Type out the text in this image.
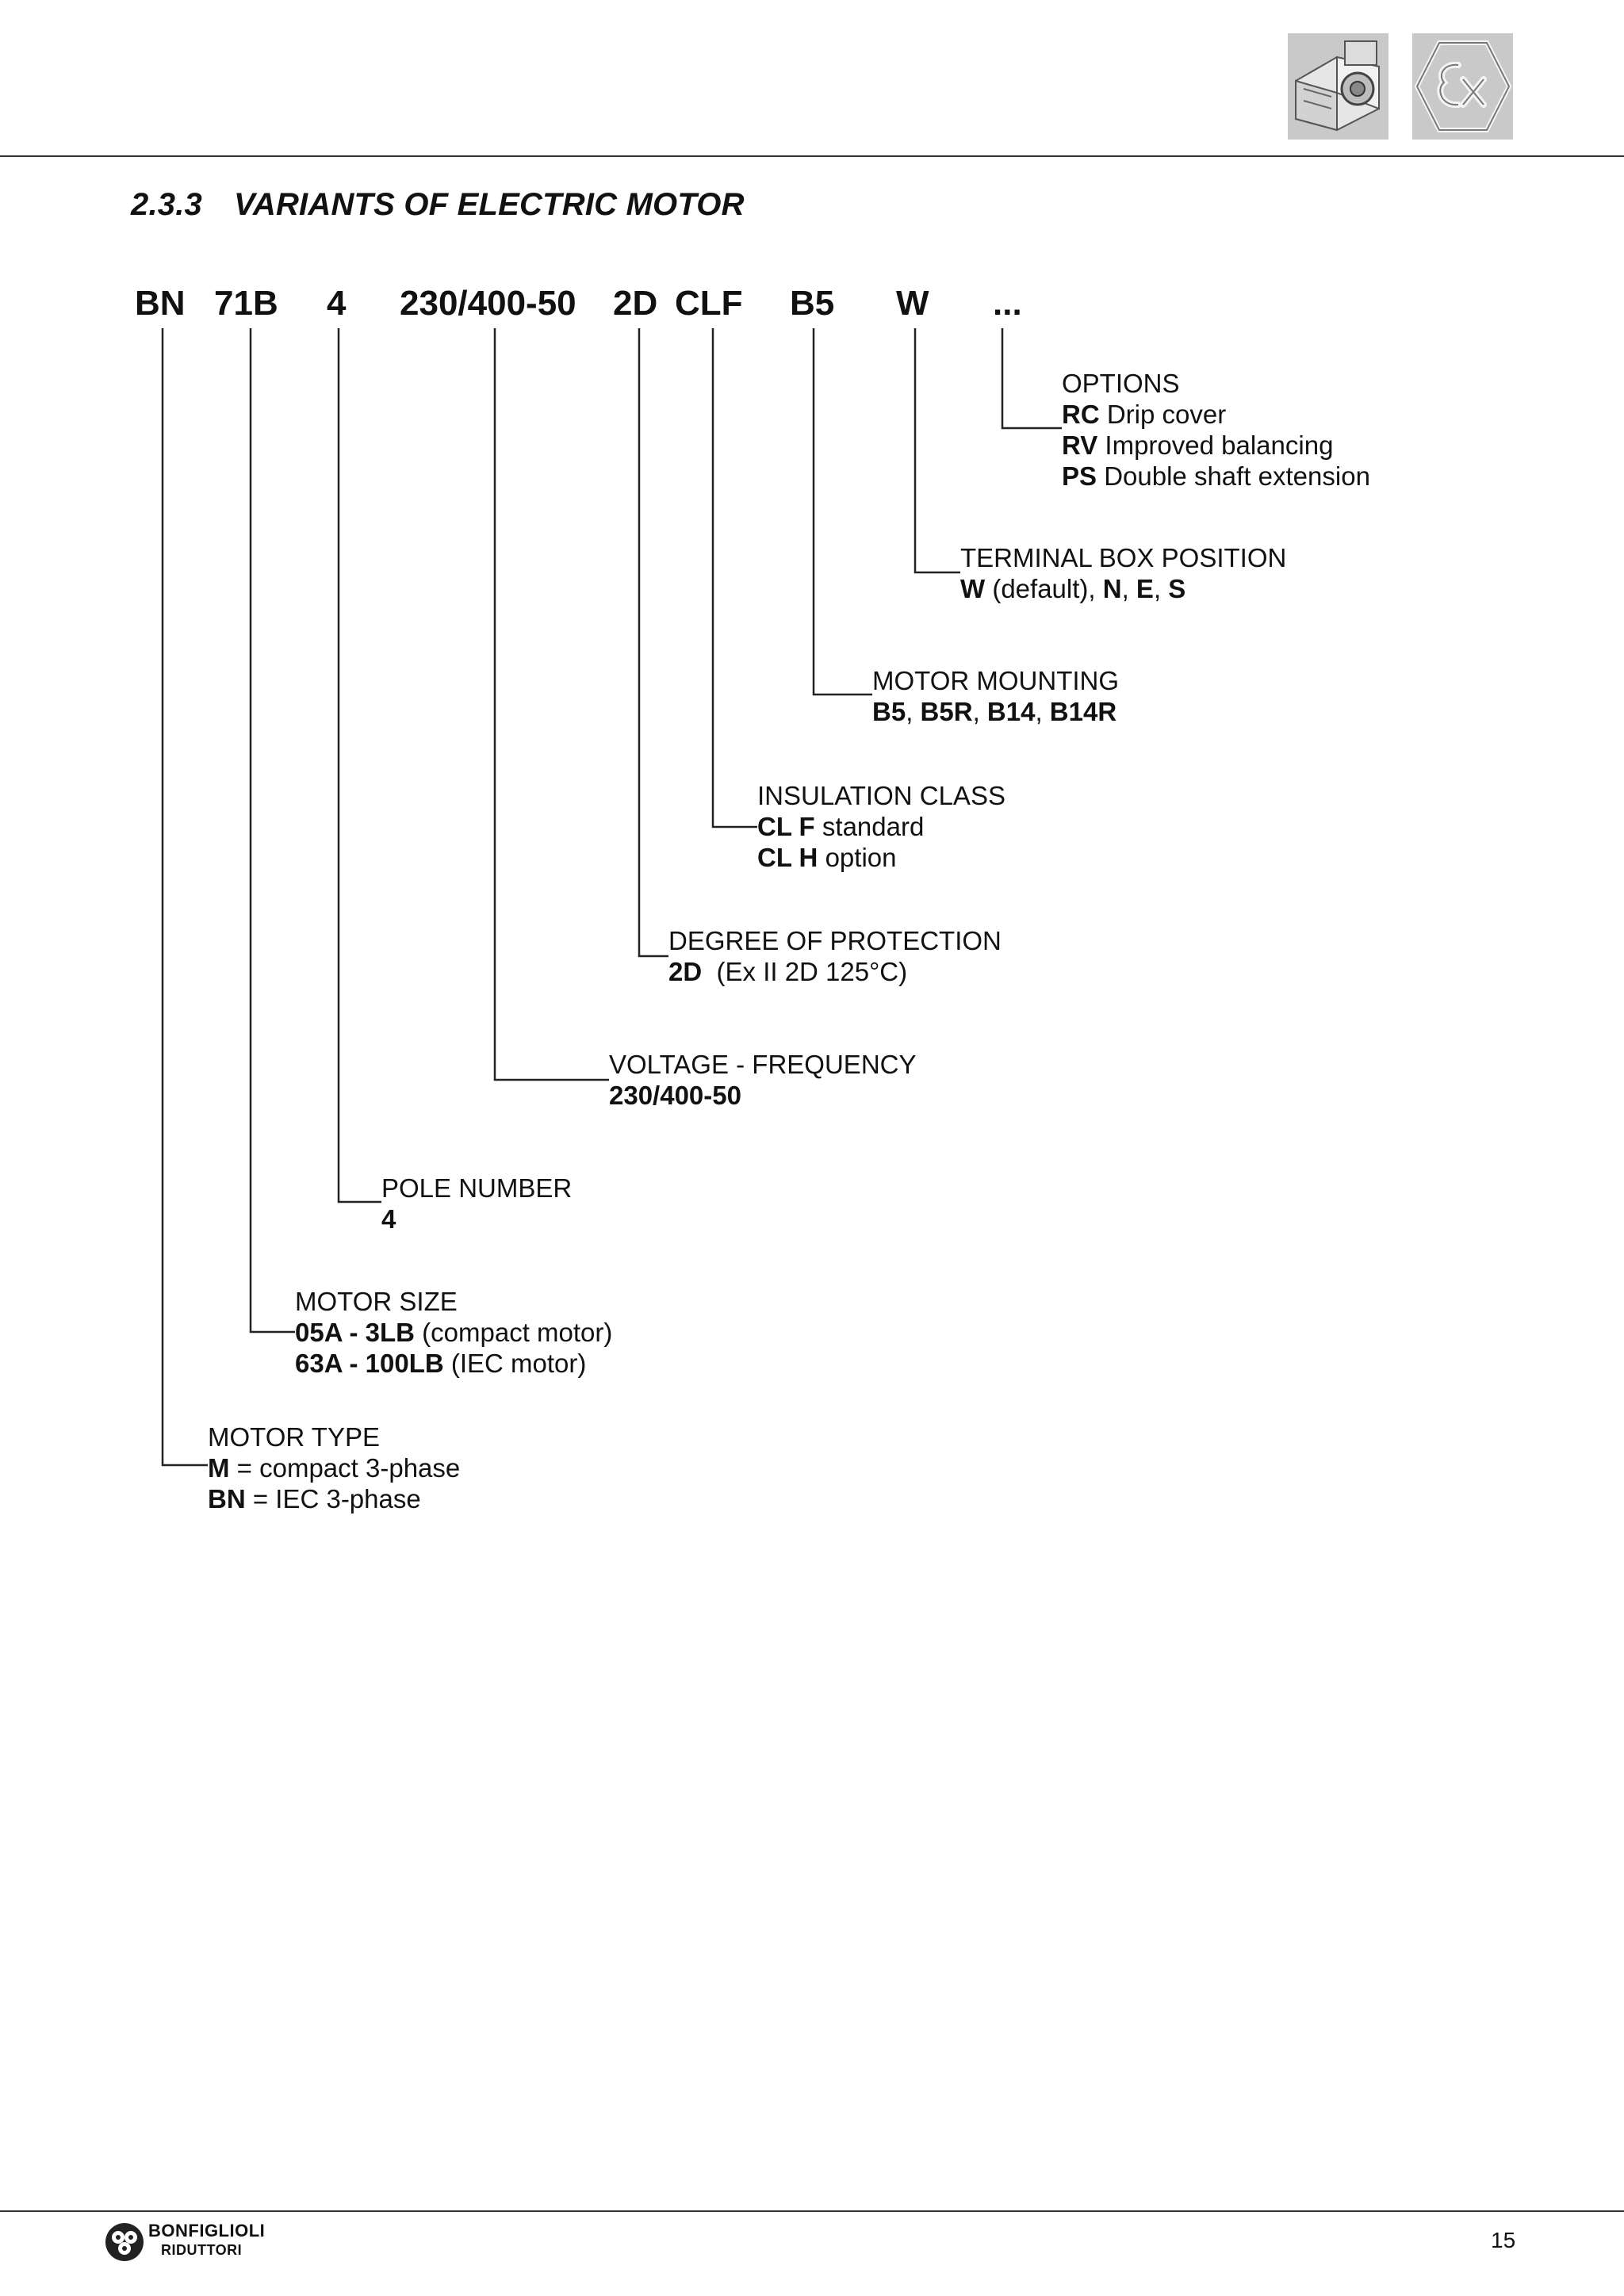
2.3.3 VARIANTS OF ELECTRIC MOTOR
BN 71B 4 230/400-50 2D CLF B5 W ...
OPTIONS
RC Drip cover
RV Improved balancing
PS Double shaft extension
TERMINAL BOX POSITION
W (default), N, E, S
MOTOR MOUNTING
B5, B5R, B14, B14R
INSULATION CLASS
CL F standard
CL H option
DEGREE OF PROTECTION
2D  (Ex II 2D 125°C)
VOLTAGE - FREQUENCY
230/400-50
POLE NUMBER
4
MOTOR SIZE
05A - 3LB (compact motor)
63A - 100LB (IEC motor)
MOTOR TYPE
M = compact 3-phase
BN = IEC 3-phase
BONFIGLIOLI
RIDUTTORI	15
